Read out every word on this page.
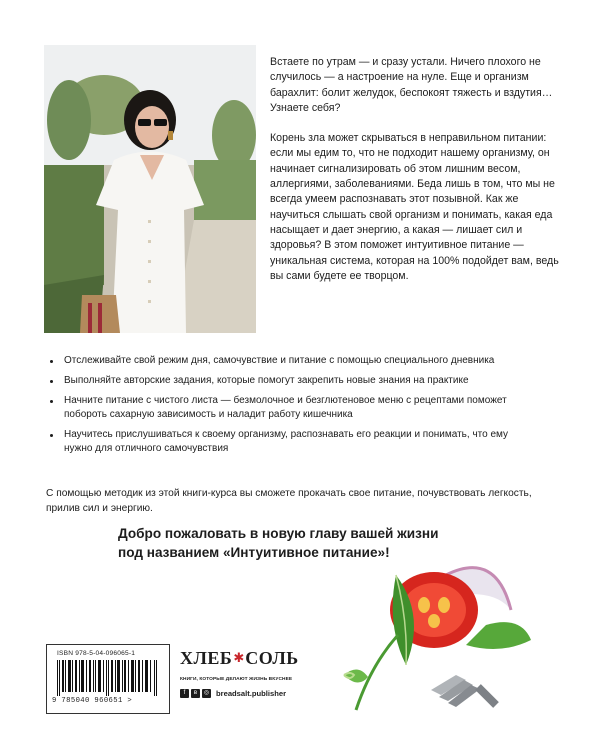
Встаете по утрам — и сразу устали. Ничего плохого не случилось — а настроение на нуле. Еще и организм барахлит: болит желудок, беспокоят тяжесть и вздутия… Узнаете себя?

Корень зла может скрываться в неправильном питании: если мы едим то, что не подходит нашему организму, он начинает сигнализировать об этом лишним весом, аллергиями, заболеваниями. Беда лишь в том, что мы не всегда умеем распознавать этот позывной. Как же научиться слышать свой организм и понимать, какая еда насыщает и дает энергию, а какая — лишает сил и здоровья? В этом поможет интуитивное питание — уникальная система, которая на 100% подойдет вам, ведь вы сами будете ее творцом.

Отслеживайте свой режим дня, самочувствие и питание с помощью специального дневника
Выполняйте авторские задания, которые помогут закрепить новые знания на практике
Начните питание с чистого листа — безмолочное и безглютеновое меню с рецептами поможет побороть сахарную зависимость и наладит работу кишечника
Научитесь прислушиваться к своему организму, распознавать его реакции и понимать, что ему нужно для отличного самочувствия

С помощью методик из этой книги-курса вы сможете прокачать свое питание, почувствовать легкость, прилив сил и энергию.

Добро пожаловать в новую главу вашей жизни
под названием «Интуитивное питание»!
ISBN 978-5-04-096065-1
9 785040 960651 >
ХЛЕБ✱СОЛЬ
КНИГИ, КОТОРЫЕ ДЕЛАЮТ ЖИЗНЬ ВКУСНЕЕ
f	в	◎ breadsalt.publisher
